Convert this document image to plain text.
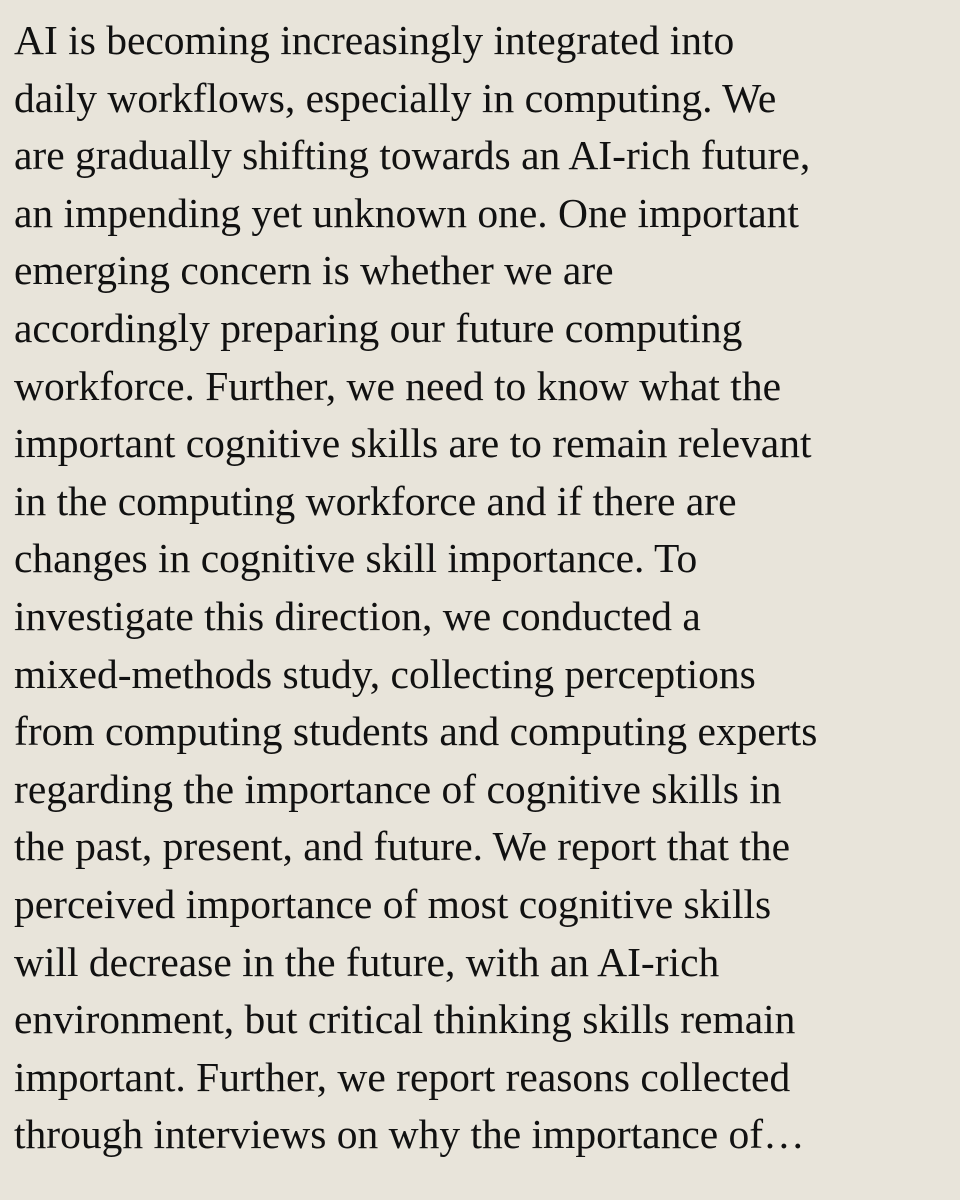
AI is becoming increasingly integrated into
daily workflows, especially in computing. We
are gradually shifting towards an AI-rich future,
an impending yet unknown one. One important
emerging concern is whether we are
accordingly preparing our future computing
workforce. Further, we need to know what the
important cognitive skills are to remain relevant
in the computing workforce and if there are
changes in cognitive skill importance. To
investigate this direction, we conducted a
mixed-methods study, collecting perceptions
from computing students and computing experts
regarding the importance of cognitive skills in
the past, present, and future. We report that the
perceived importance of most cognitive skills
will decrease in the future, with an AI-rich
environment, but critical thinking skills remain
important. Further, we report reasons collected
through interviews on why the importance of…
